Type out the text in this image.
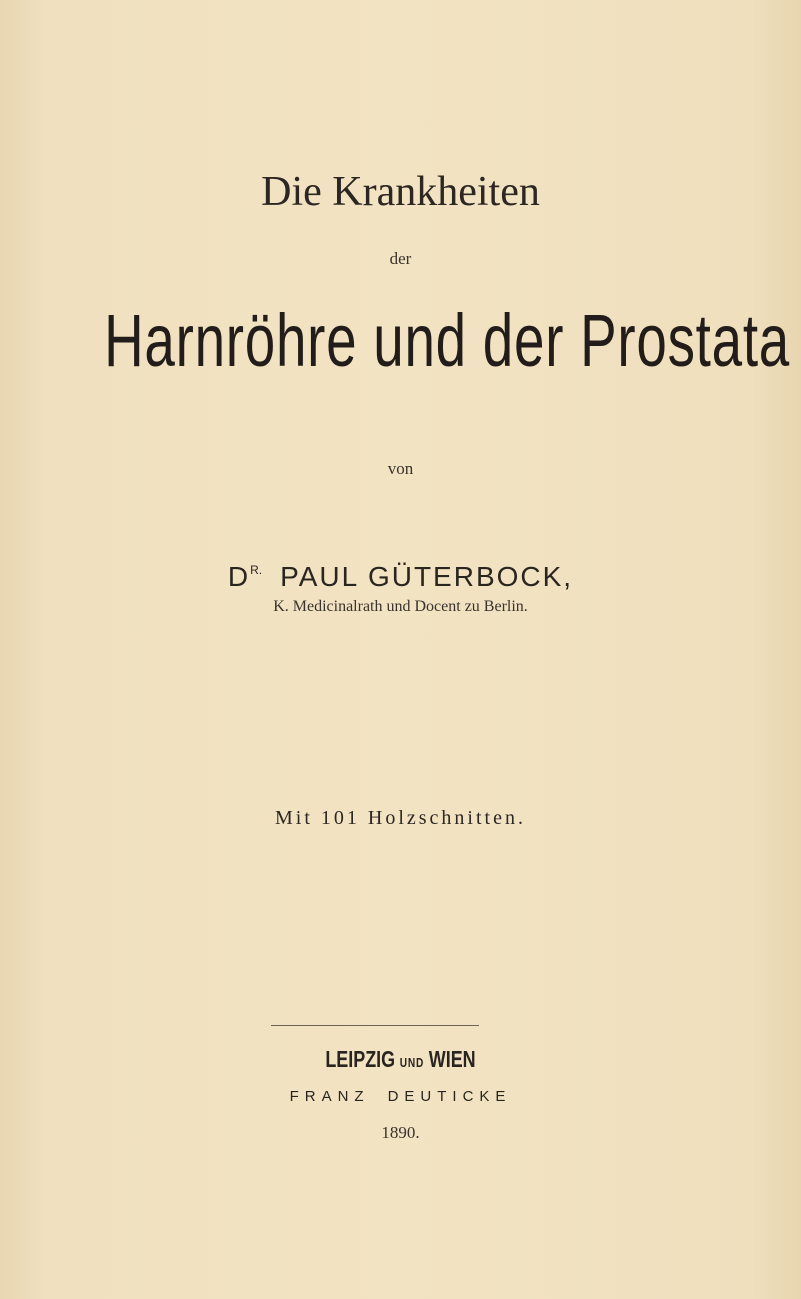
Die Krankheiten
der
Harnröhre und der Prostata
von
$D^{R.}$ PAUL GÜTERBOCK,
K. Medicinalrath und Docent zu Berlin.
Mit 101 Holzschnitten.
LEIPZIG UND WIEN
FRANZ DEUTICKE
1890.
